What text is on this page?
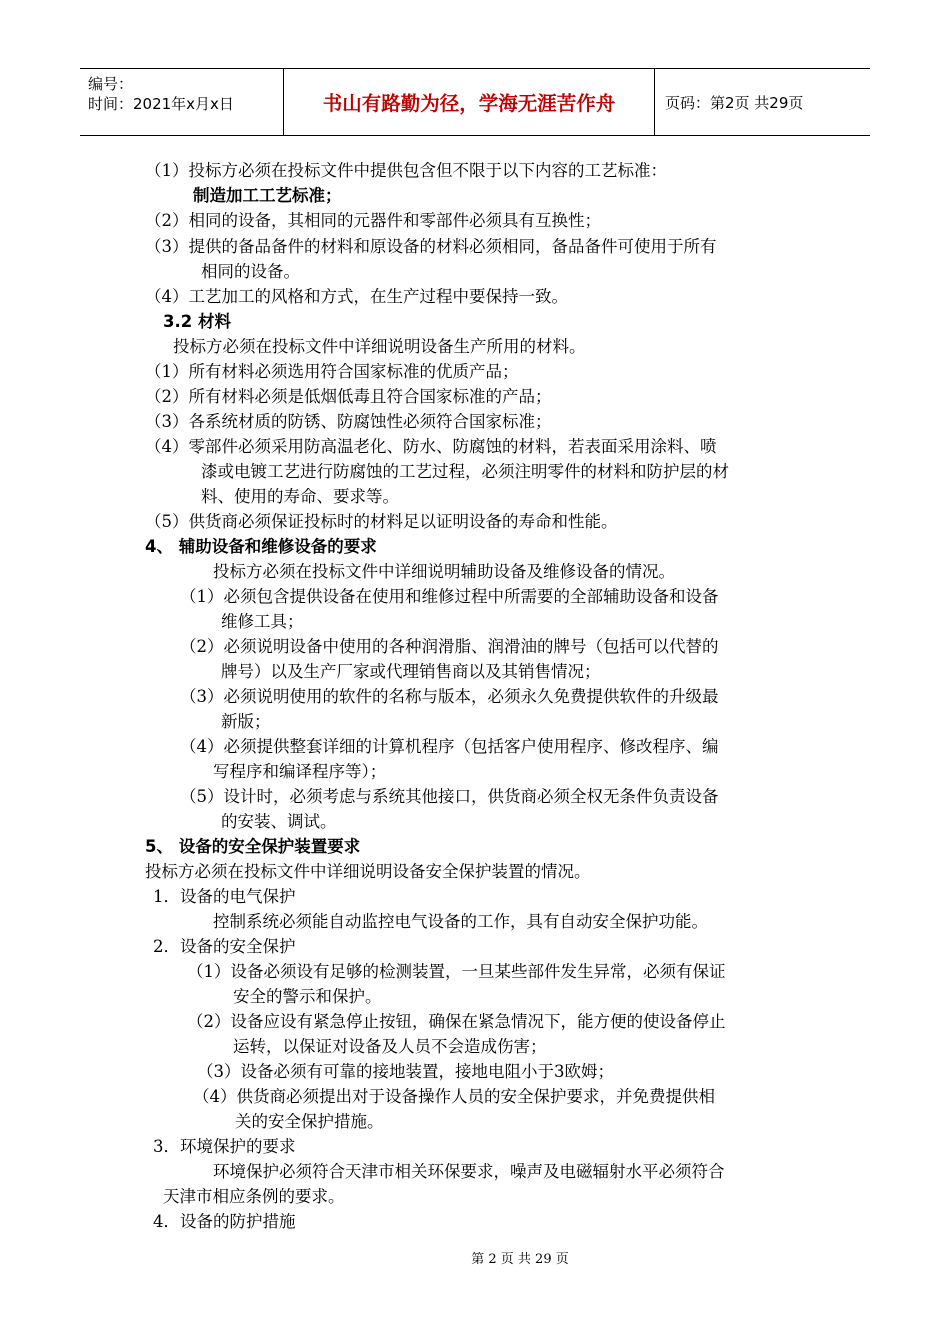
编号：
时间：2021年x月x日	书山有路勤为径，学海无涯苦作舟	页码：第2页 共29页
（1）投标方必须在投标文件中提供包含但不限于以下内容的工艺标准：
制造加工工艺标准；
（2）相同的设备，其相同的元器件和零部件必须具有互换性；
（3）提供的备品备件的材料和原设备的材料必须相同，备品备件可使用于所有
相同的设备。
（4）工艺加工的风格和方式，在生产过程中要保持一致。
3.2 材料
投标方必须在投标文件中详细说明设备生产所用的材料。
（1）所有材料必须选用符合国家标准的优质产品；
（2）所有材料必须是低烟低毒且符合国家标准的产品；
（3）各系统材质的防锈、防腐蚀性必须符合国家标准；
（4）零部件必须采用防高温老化、防水、防腐蚀的材料，若表面采用涂料、喷
漆或电镀工艺进行防腐蚀的工艺过程，必须注明零件的材料和防护层的材
料、使用的寿命、要求等。
（5）供货商必须保证投标时的材料足以证明设备的寿命和性能。
4、 辅助设备和维修设备的要求
投标方必须在投标文件中详细说明辅助设备及维修设备的情况。
（1）必须包含提供设备在使用和维修过程中所需要的全部辅助设备和设备
维修工具；
（2）必须说明设备中使用的各种润滑脂、润滑油的牌号（包括可以代替的
牌号）以及生产厂家或代理销售商以及其销售情况；
（3）必须说明使用的软件的名称与版本，必须永久免费提供软件的升级最
新版；
（4）必须提供整套详细的计算机程序（包括客户使用程序、修改程序、编
写程序和编译程序等）；
（5）设计时，必须考虑与系统其他接口，供货商必须全权无条件负责设备
的安装、调试。
5、 设备的安全保护装置要求
投标方必须在投标文件中详细说明设备安全保护装置的情况。
1．设备的电气保护
控制系统必须能自动监控电气设备的工作，具有自动安全保护功能。
2．设备的安全保护
（1）设备必须设有足够的检测装置，一旦某些部件发生异常，必须有保证
安全的警示和保护。
（2）设备应设有紧急停止按钮，确保在紧急情况下，能方便的使设备停止
运转，以保证对设备及人员不会造成伤害；
（3）设备必须有可靠的接地装置，接地电阻小于3欧姆；
（4）供货商必须提出对于设备操作人员的安全保护要求，并免费提供相
关的安全保护措施。
3．环境保护的要求
环境保护必须符合天津市相关环保要求，噪声及电磁辐射水平必须符合
天津市相应条例的要求。
4．设备的防护措施
第 2 页 共 29 页
